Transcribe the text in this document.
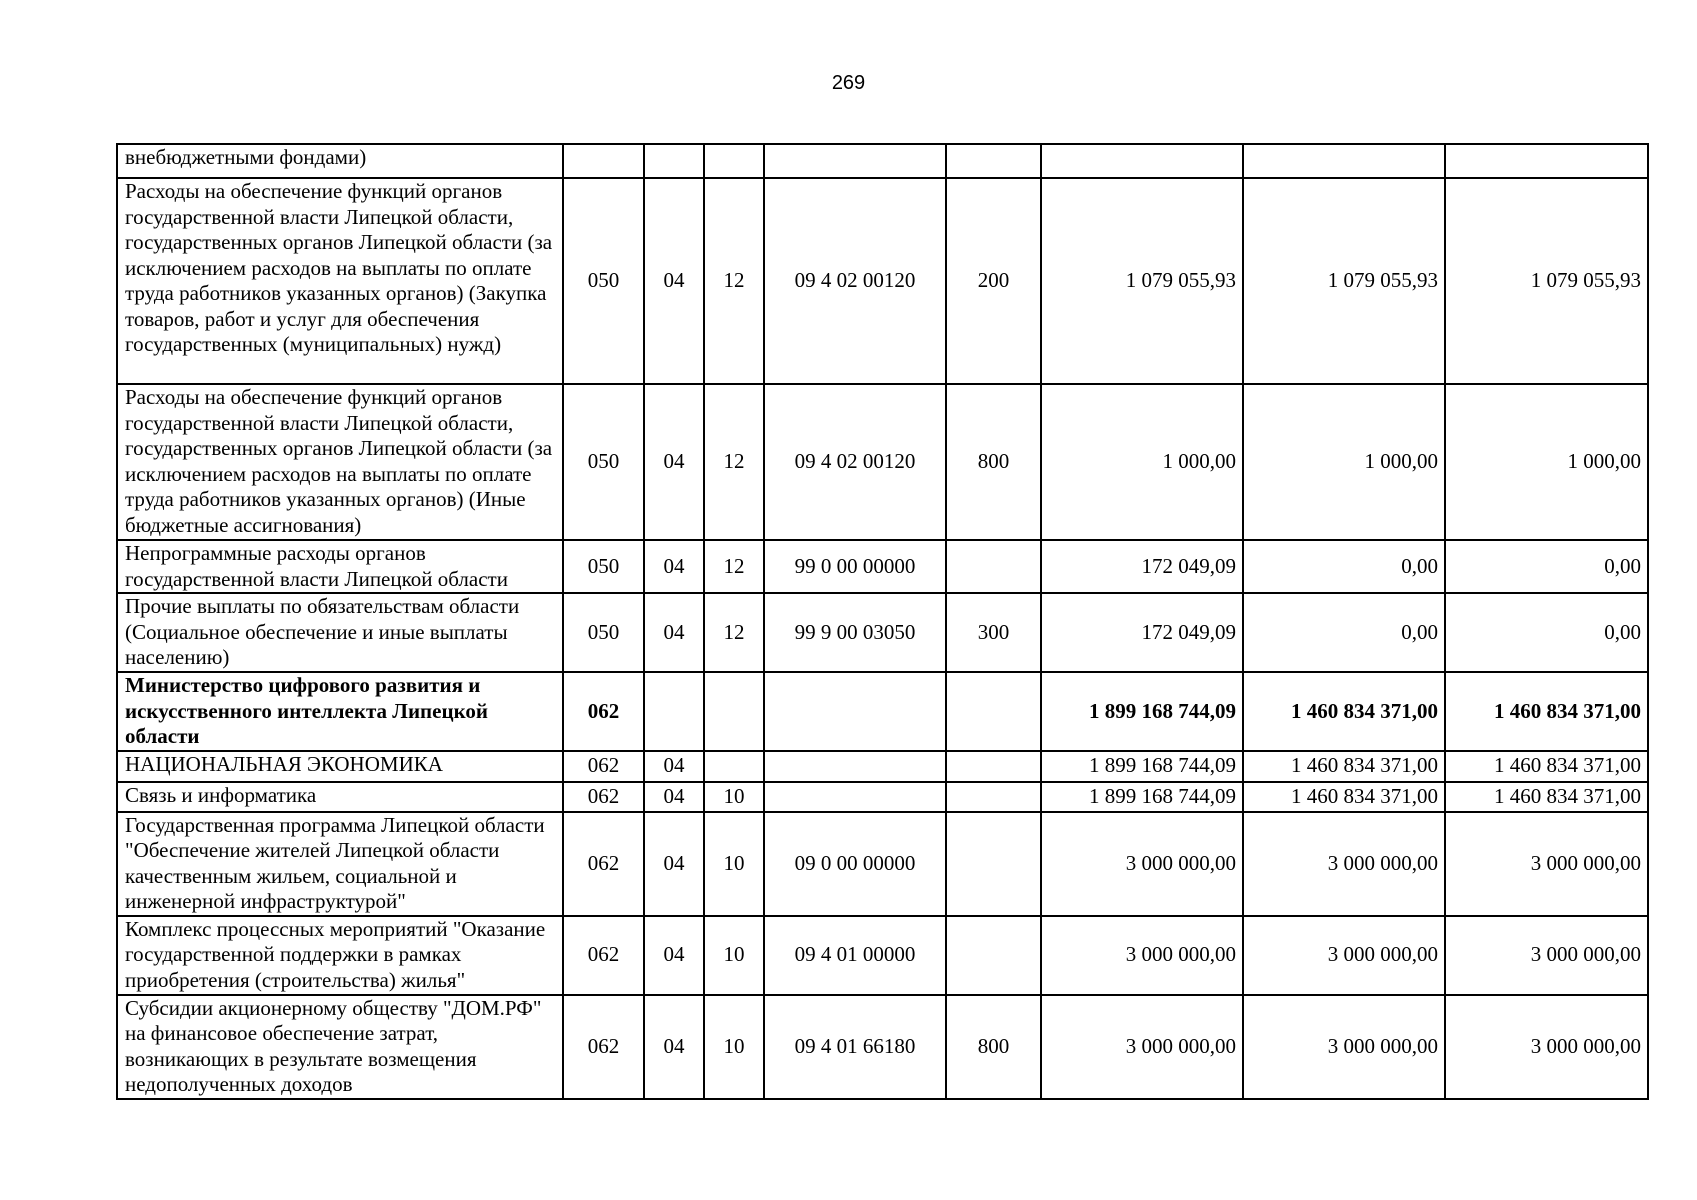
269
внебюджетными фондами)								
Расходы на обеспечение функций органов государственной власти Липецкой области, государственных органов Липецкой области (за исключением расходов на выплаты по оплате труда работников указанных органов) (Закупка товаров, работ и услуг для обеспечения государственных (муниципальных) нужд)	050	04	12	09 4 02 00120	200	1 079 055,93	1 079 055,93	1 079 055,93
Расходы на обеспечение функций органов государственной власти Липецкой области, государственных органов Липецкой области (за исключением расходов на выплаты по оплате труда работников указанных органов) (Иные бюджетные ассигнования)	050	04	12	09 4 02 00120	800	1 000,00	1 000,00	1 000,00
Непрограммные расходы органов государственной власти Липецкой области	050	04	12	99 0 00 00000		172 049,09	0,00	0,00
Прочие выплаты по обязательствам области (Социальное обеспечение и иные выплаты населению)	050	04	12	99 9 00 03050	300	172 049,09	0,00	0,00
Министерство цифрового развития и искусственного интеллекта Липецкой области	062					1 899 168 744,09	1 460 834 371,00	1 460 834 371,00
НАЦИОНАЛЬНАЯ ЭКОНОМИКА	062	04				1 899 168 744,09	1 460 834 371,00	1 460 834 371,00
Связь и информатика	062	04	10			1 899 168 744,09	1 460 834 371,00	1 460 834 371,00
Государственная программа Липецкой области "Обеспечение жителей Липецкой области качественным жильем, социальной и инженерной инфраструктурой"	062	04	10	09 0 00 00000		3 000 000,00	3 000 000,00	3 000 000,00
Комплекс процессных мероприятий "Оказание государственной поддержки в рамках приобретения (строительства) жилья"	062	04	10	09 4 01 00000		3 000 000,00	3 000 000,00	3 000 000,00
Субсидии акционерному обществу "ДОМ.РФ" на финансовое обеспечение затрат, возникающих в результате возмещения недополученных доходов	062	04	10	09 4 01 66180	800	3 000 000,00	3 000 000,00	3 000 000,00
